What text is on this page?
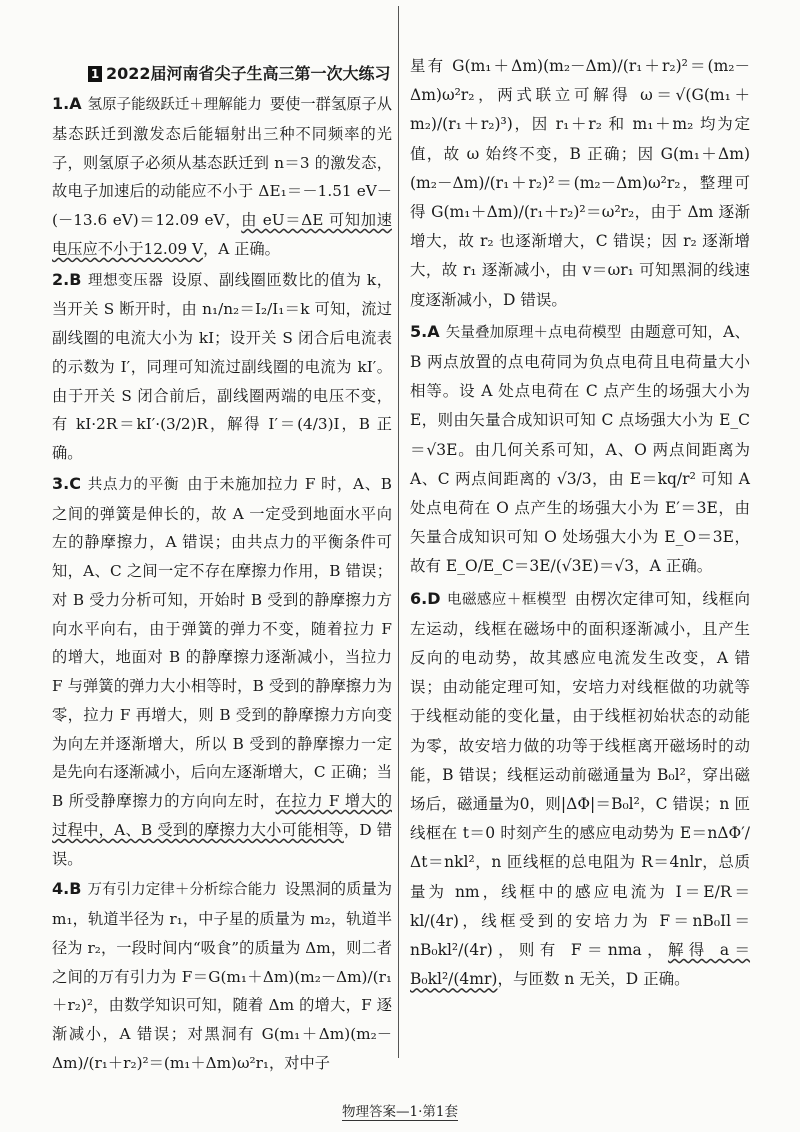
1 2022届河南省尖子生高三第一次大练习
1.A 氢原子能级跃迁＋理解能力 要使一群氢原子从基态跃迁到激发态后能辐射出三种不同频率的光子，则氢原子必须从基态跃迁到 n＝3 的激发态，故电子加速后的动能应不小于 ΔE₁＝－1.51 eV－(－13.6 eV)＝12.09 eV，由 eU＝ΔE 可知加速电压应不小于12.09 V，A 正确。
2.B 理想变压器 设原、副线圈匝数比的值为 k，当开关 S 断开时，由 n₁/n₂＝I₂/I₁＝k 可知，流过副线圈的电流大小为 kI；设开关 S 闭合后电流表的示数为 I′，同理可知流过副线圈的电流为 kI′。由于开关 S 闭合前后，副线圈两端的电压不变，有 kI·2R＝kI′·(3/2)R，解得 I′＝(4/3)I，B 正确。
3.C 共点力的平衡 由于未施加拉力 F 时，A、B 之间的弹簧是伸长的，故 A 一定受到地面水平向左的静摩擦力，A 错误；由共点力的平衡条件可知，A、C 之间一定不存在摩擦力作用，B 错误；对 B 受力分析可知，开始时 B 受到的静摩擦力方向水平向右，由于弹簧的弹力不变，随着拉力 F 的增大，地面对 B 的静摩擦力逐渐减小，当拉力 F 与弹簧的弹力大小相等时，B 受到的静摩擦力为零，拉力 F 再增大，则 B 受到的静摩擦力方向变为向左并逐渐增大，所以 B 受到的静摩擦力一定是先向右逐渐减小，后向左逐渐增大，C 正确；当 B 所受静摩擦力的方向向左时，在拉力 F 增大的过程中，A、B 受到的摩擦力大小可能相等，D 错误。
4.B 万有引力定律＋分析综合能力 设黑洞的质量为 m₁，轨道半径为 r₁，中子星的质量为 m₂，轨道半径为 r₂，一段时间内“吸食”的质量为 Δm，则二者之间的万有引力为 F＝G(m₁＋Δm)(m₂－Δm)/(r₁＋r₂)²，由数学知识可知，随着 Δm 的增大，F 逐渐减小，A 错误；对黑洞有 G(m₁＋Δm)(m₂－Δm)/(r₁＋r₂)²＝(m₁＋Δm)ω²r₁，对中子
星有 G(m₁＋Δm)(m₂－Δm)/(r₁＋r₂)²＝(m₂－Δm)ω²r₂，两式联立可解得 ω＝√(G(m₁＋m₂)/(r₁＋r₂)³)，因 r₁＋r₂ 和 m₁＋m₂ 均为定值，故 ω 始终不变，B 正确；因 G(m₁＋Δm)(m₂－Δm)/(r₁＋r₂)²＝(m₂－Δm)ω²r₂，整理可得 G(m₁＋Δm)/(r₁＋r₂)²＝ω²r₂，由于 Δm 逐渐增大，故 r₂ 也逐渐增大，C 错误；因 r₂ 逐渐增大，故 r₁ 逐渐减小，由 v＝ωr₁ 可知黑洞的线速度逐渐减小，D 错误。
5.A 矢量叠加原理＋点电荷模型 由题意可知，A、B 两点放置的点电荷同为负点电荷且电荷量大小相等。设 A 处点电荷在 C 点产生的场强大小为 E，则由矢量合成知识可知 C 点场强大小为 E_C＝√3E。由几何关系可知，A、O 两点间距离为 A、C 两点间距离的 √3/3，由 E＝kq/r² 可知 A 处点电荷在 O 点产生的场强大小为 E′＝3E，由矢量合成知识可知 O 处场强大小为 E_O＝3E，故有 E_O/E_C＝3E/(√3E)＝√3，A 正确。
6.D 电磁感应＋框模型 由楞次定律可知，线框向左运动，线框在磁场中的面积逐渐减小，且产生反向的电动势，故其感应电流发生改变，A 错误；由动能定理可知，安培力对线框做的功就等于线框动能的变化量，由于线框初始状态的动能为零，故安培力做的功等于线框离开磁场时的动能，B 错误；线框运动前磁通量为 B₀l²，穿出磁场后，磁通量为0，则|ΔΦ|＝B₀l²，C 错误；n 匝线框在 t＝0 时刻产生的感应电动势为 E＝nΔΦ′/Δt＝nkl²，n 匝线框的总电阻为 R＝4nlr，总质量为 nm，线框中的感应电流为 I＝E/R＝kl/(4r)，线框受到的安培力为 F＝nB₀Il＝nB₀kl²/(4r)，则有 F＝nma，解得 a＝B₀kl²/(4mr)，与匝数 n 无关，D 正确。
物理答案—1·第1套
